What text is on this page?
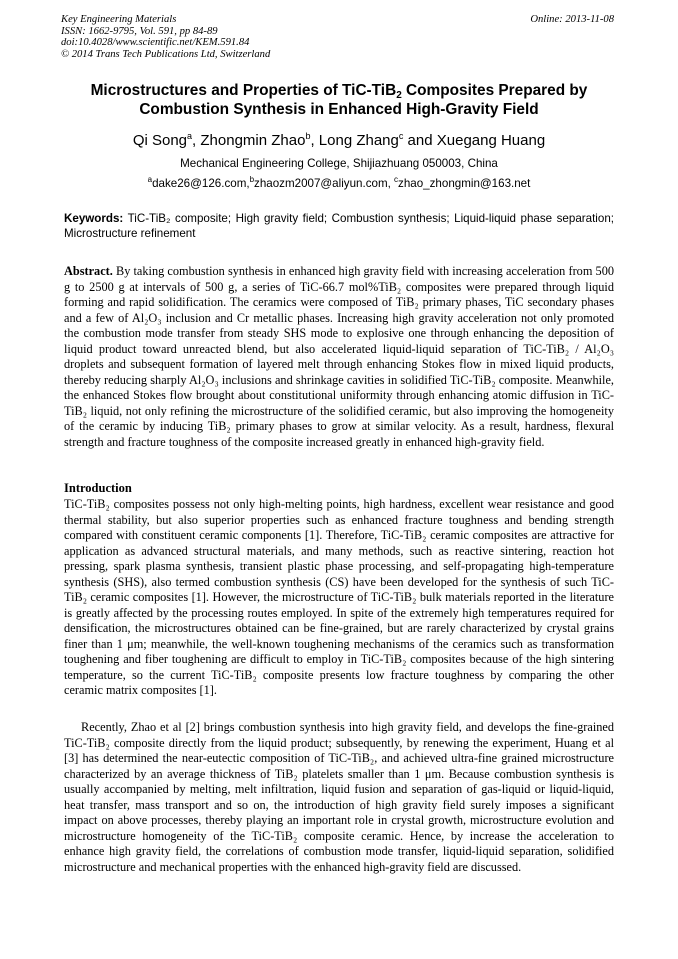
Key Engineering Materials
ISSN: 1662-9795, Vol. 591, pp 84-89
doi:10.4028/www.scientific.net/KEM.591.84
© 2014 Trans Tech Publications Ltd, Switzerland
Online: 2013-11-08
Microstructures and Properties of TiC-TiB$_2$ Composites Prepared by Combustion Synthesis in Enhanced High-Gravity Field
Qi Song$^a$, Zhongmin Zhao$^b$, Long Zhang$^c$ and Xuegang Huang
Mechanical Engineering College, Shijiazhuang 050003, China
$^a$dake26@126.com,$^b$zhaozm2007@aliyun.com, $^c$zhao_zhongmin@163.net
Keywords: TiC-TiB₂ composite; High gravity field; Combustion synthesis; Liquid-liquid phase separation; Microstructure refinement
Abstract. By taking combustion synthesis in enhanced high gravity field with increasing acceleration from 500 g to 2500 g at intervals of 500 g, a series of TiC-66.7 mol%TiB₂ composites were prepared through liquid forming and rapid solidification. The ceramics were composed of TiB₂ primary phases, TiC secondary phases and a few of Al₂O₃ inclusion and Cr metallic phases. Increasing high gravity acceleration not only promoted the combustion mode transfer from steady SHS mode to explosive one through enhancing the deposition of liquid product toward unreacted blend, but also accelerated liquid-liquid separation of TiC-TiB₂ / Al₂O₃ droplets and subsequent formation of layered melt through enhancing Stokes flow in mixed liquid products, thereby reducing sharply Al₂O₃ inclusions and shrinkage cavities in solidified TiC-TiB₂ composite. Meanwhile, the enhanced Stokes flow brought about constitutional uniformity through enhancing atomic diffusion in TiC-TiB₂ liquid, not only refining the microstructure of the solidified ceramic, but also improving the homogeneity of the ceramic by inducing TiB₂ primary phases to grow at similar velocity. As a result, hardness, flexural strength and fracture toughness of the composite increased greatly in enhanced high-gravity field.
Introduction
TiC-TiB₂ composites possess not only high-melting points, high hardness, excellent wear resistance and good thermal stability, but also superior properties such as enhanced fracture toughness and bending strength compared with constituent ceramic components [1]. Therefore, TiC-TiB₂ ceramic composites are attractive for application as advanced structural materials, and many methods, such as reactive sintering, reaction hot pressing, spark plasma synthesis, transient plastic phase processing, and self-propagating high-temperature synthesis (SHS), also termed combustion synthesis (CS) have been developed for the synthesis of such TiC-TiB₂ ceramic composites [1]. However, the microstructure of TiC-TiB₂ bulk materials reported in the literature is greatly affected by the processing routes employed. In spite of the extremely high temperatures required for densification, the microstructures obtained can be fine-grained, but are rarely characterized by crystal grains finer than 1 μm; meanwhile, the well-known toughening mechanisms of the ceramics such as transformation toughening and fiber toughening are difficult to employ in TiC-TiB₂ composites because of the high sintering temperature, so the current TiC-TiB₂ composite presents low fracture toughness by comparing the other ceramic matrix composites [1].
Recently, Zhao et al [2] brings combustion synthesis into high gravity field, and develops the fine-grained TiC-TiB₂ composite directly from the liquid product; subsequently, by renewing the experiment, Huang et al [3] has determined the near-eutectic composition of TiC-TiB₂, and achieved ultra-fine grained microstructure characterized by an average thickness of TiB₂ platelets smaller than 1 μm. Because combustion synthesis is usually accompanied by melting, melt infiltration, liquid fusion and separation of gas-liquid or liquid-liquid, heat transfer, mass transport and so on, the introduction of high gravity field surely imposes a significant impact on above processes, thereby playing an important role in crystal growth, microstructure evolution and microstructure homogeneity of the TiC-TiB₂ composite ceramic. Hence, by increase the acceleration to enhance high gravity field, the correlations of combustion mode transfer, liquid-liquid separation, solidified microstructure and mechanical properties with the enhanced high-gravity field are discussed.
